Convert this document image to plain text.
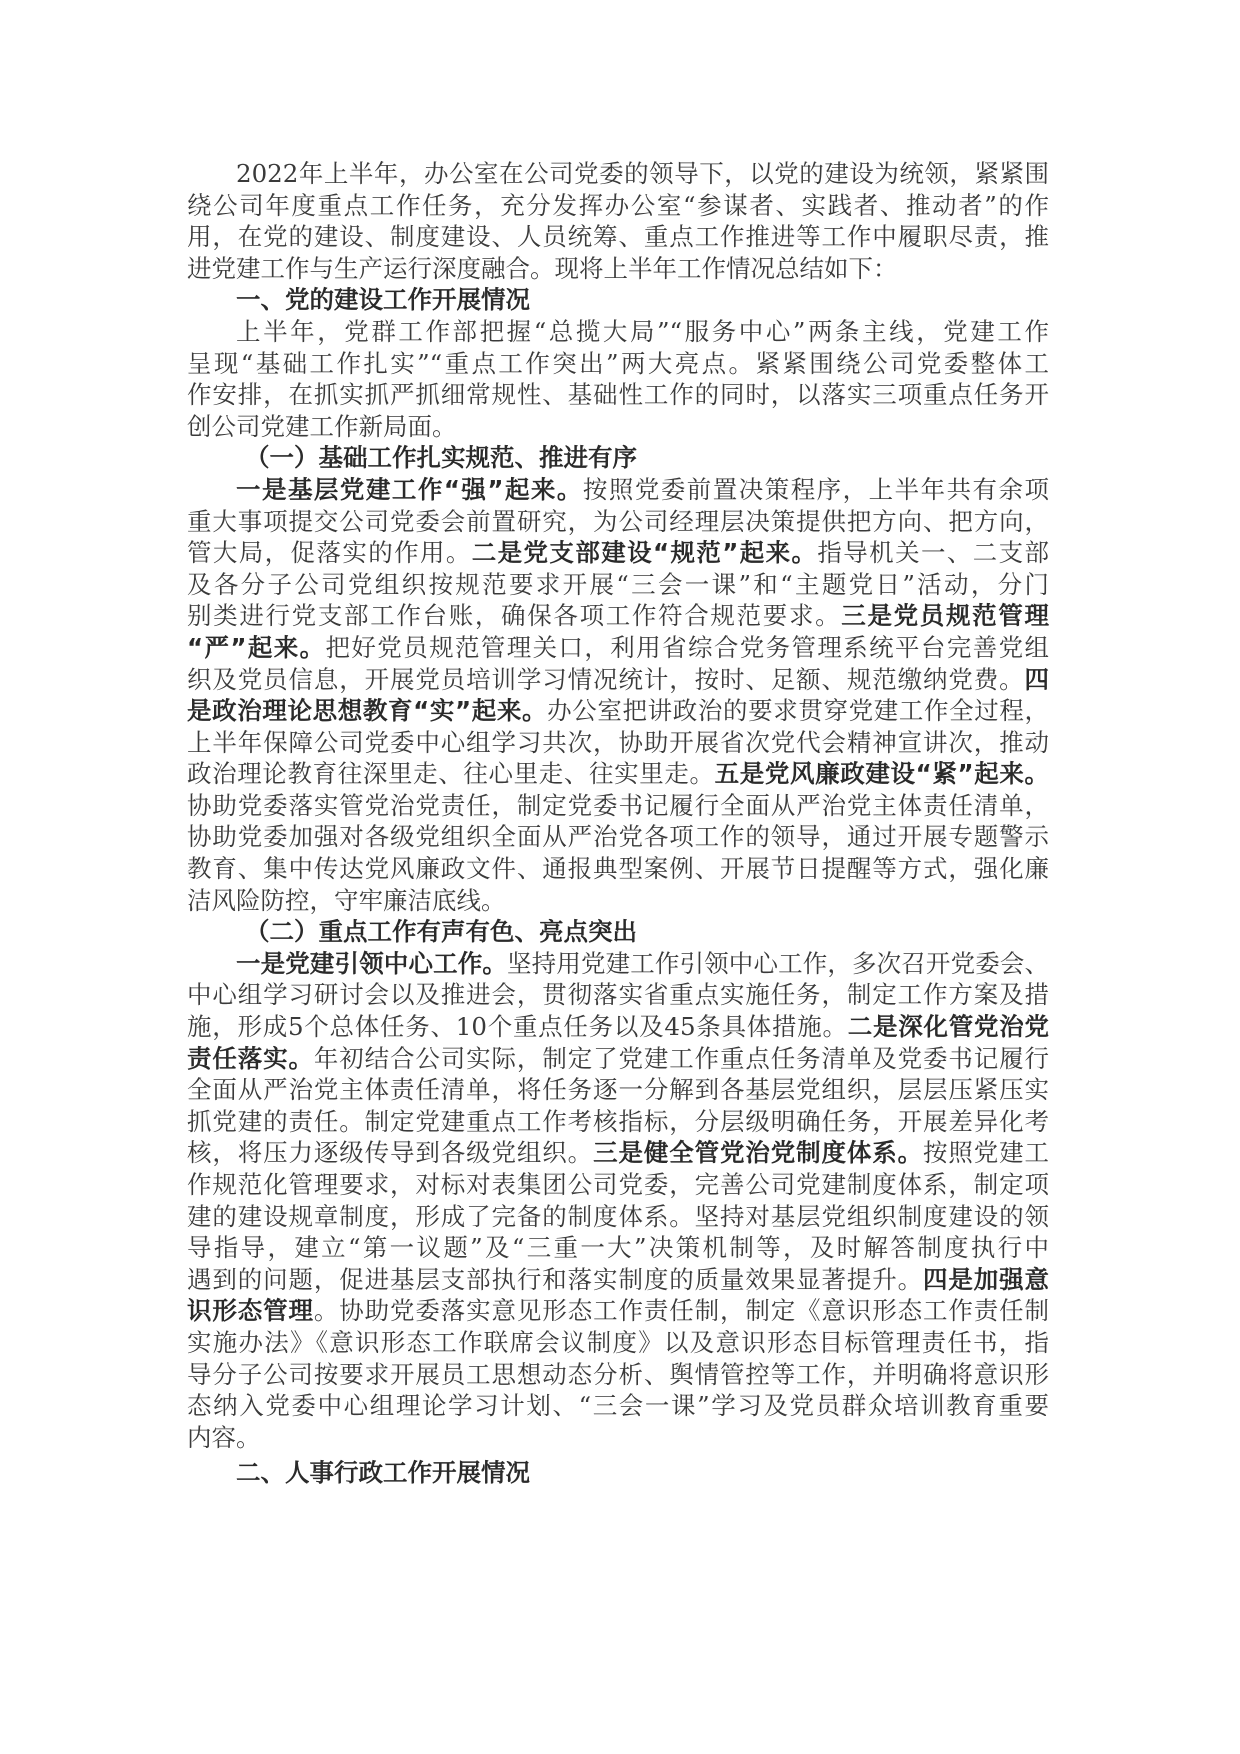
2022年上半年，办公室在公司党委的领导下，以党的建设为统领，紧紧围
绕公司年度重点工作任务，充分发挥办公室“参谋者、实践者、推动者”的作
用，在党的建设、制度建设、人员统筹、重点工作推进等工作中履职尽责，推
进党建工作与生产运行深度融合。现将上半年工作情况总结如下：
一、党的建设工作开展情况
上半年，党群工作部把握“总揽大局”“服务中心”两条主线，党建工作
呈现“基础工作扎实”“重点工作突出”两大亮点。紧紧围绕公司党委整体工
作安排，在抓实抓严抓细常规性、基础性工作的同时，以落实三项重点任务开
创公司党建工作新局面。
（一）基础工作扎实规范、推进有序
一是基层党建工作“强”起来。按照党委前置决策程序，上半年共有余项
重大事项提交公司党委会前置研究，为公司经理层决策提供把方向、把方向，
管大局，促落实的作用。二是党支部建设“规范”起来。指导机关一、二支部
及各分子公司党组织按规范要求开展“三会一课”和“主题党日”活动，分门
别类进行党支部工作台账，确保各项工作符合规范要求。三是党员规范管理
“严”起来。把好党员规范管理关口，利用省综合党务管理系统平台完善党组
织及党员信息，开展党员培训学习情况统计，按时、足额、规范缴纳党费。四
是政治理论思想教育“实”起来。办公室把讲政治的要求贯穿党建工作全过程，
上半年保障公司党委中心组学习共次，协助开展省次党代会精神宣讲次，推动
政治理论教育往深里走、往心里走、往实里走。五是党风廉政建设“紧”起来。
协助党委落实管党治党责任，制定党委书记履行全面从严治党主体责任清单，
协助党委加强对各级党组织全面从严治党各项工作的领导，通过开展专题警示
教育、集中传达党风廉政文件、通报典型案例、开展节日提醒等方式，强化廉
洁风险防控，守牢廉洁底线。
（二）重点工作有声有色、亮点突出
一是党建引领中心工作。坚持用党建工作引领中心工作，多次召开党委会、
中心组学习研讨会以及推进会，贯彻落实省重点实施任务，制定工作方案及措
施，形成5个总体任务、10个重点任务以及45条具体措施。二是深化管党治党
责任落实。年初结合公司实际，制定了党建工作重点任务清单及党委书记履行
全面从严治党主体责任清单，将任务逐一分解到各基层党组织，层层压紧压实
抓党建的责任。制定党建重点工作考核指标，分层级明确任务，开展差异化考
核，将压力逐级传导到各级党组织。三是健全管党治党制度体系。按照党建工
作规范化管理要求，对标对表集团公司党委，完善公司党建制度体系，制定项
建的建设规章制度，形成了完备的制度体系。坚持对基层党组织制度建设的领
导指导，建立“第一议题”及“三重一大”决策机制等，及时解答制度执行中
遇到的问题，促进基层支部执行和落实制度的质量效果显著提升。四是加强意
识形态管理。协助党委落实意见形态工作责任制，制定《意识形态工作责任制
实施办法》《意识形态工作联席会议制度》以及意识形态目标管理责任书，指
导分子公司按要求开展员工思想动态分析、舆情管控等工作，并明确将意识形
态纳入党委中心组理论学习计划、“三会一课”学习及党员群众培训教育重要
内容。
二、人事行政工作开展情况
